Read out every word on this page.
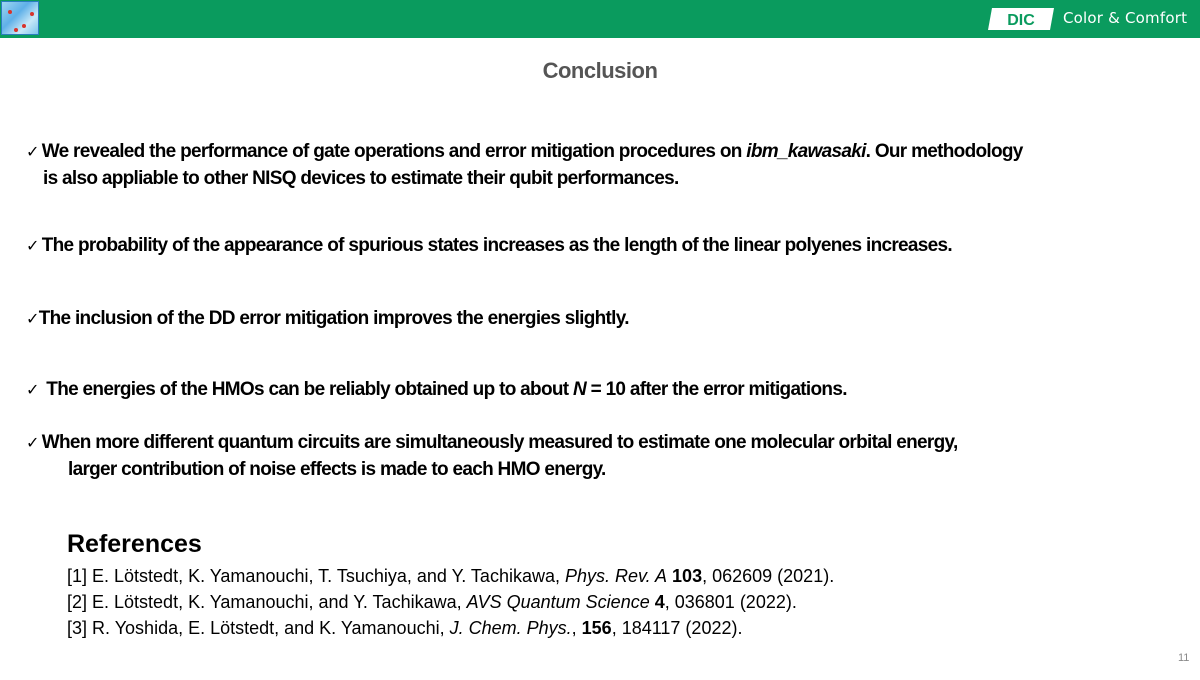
DIC Color & Comfort
Conclusion
✓ We revealed the performance of gate operations and error mitigation procedures on ibm_kawasaki. Our methodology
is also appliable to other NISQ devices to estimate their qubit performances.
✓ The probability of the appearance of spurious states increases as the length of the linear polyenes increases.
✓The inclusion of the DD error mitigation improves the energies slightly.
✓ The energies of the HMOs can be reliably obtained up to about N = 10 after the error mitigations.
✓ When more different quantum circuits are simultaneously measured to estimate one molecular orbital energy,
larger contribution of noise effects is made to each HMO energy.
References
[1] E. Lötstedt, K. Yamanouchi, T. Tsuchiya, and Y. Tachikawa, Phys. Rev. A 103, 062609 (2021).
[2] E. Lötstedt, K. Yamanouchi, and Y. Tachikawa, AVS Quantum Science 4, 036801 (2022).
[3] R. Yoshida, E. Lötstedt, and K. Yamanouchi, J. Chem. Phys., 156, 184117 (2022).
11
